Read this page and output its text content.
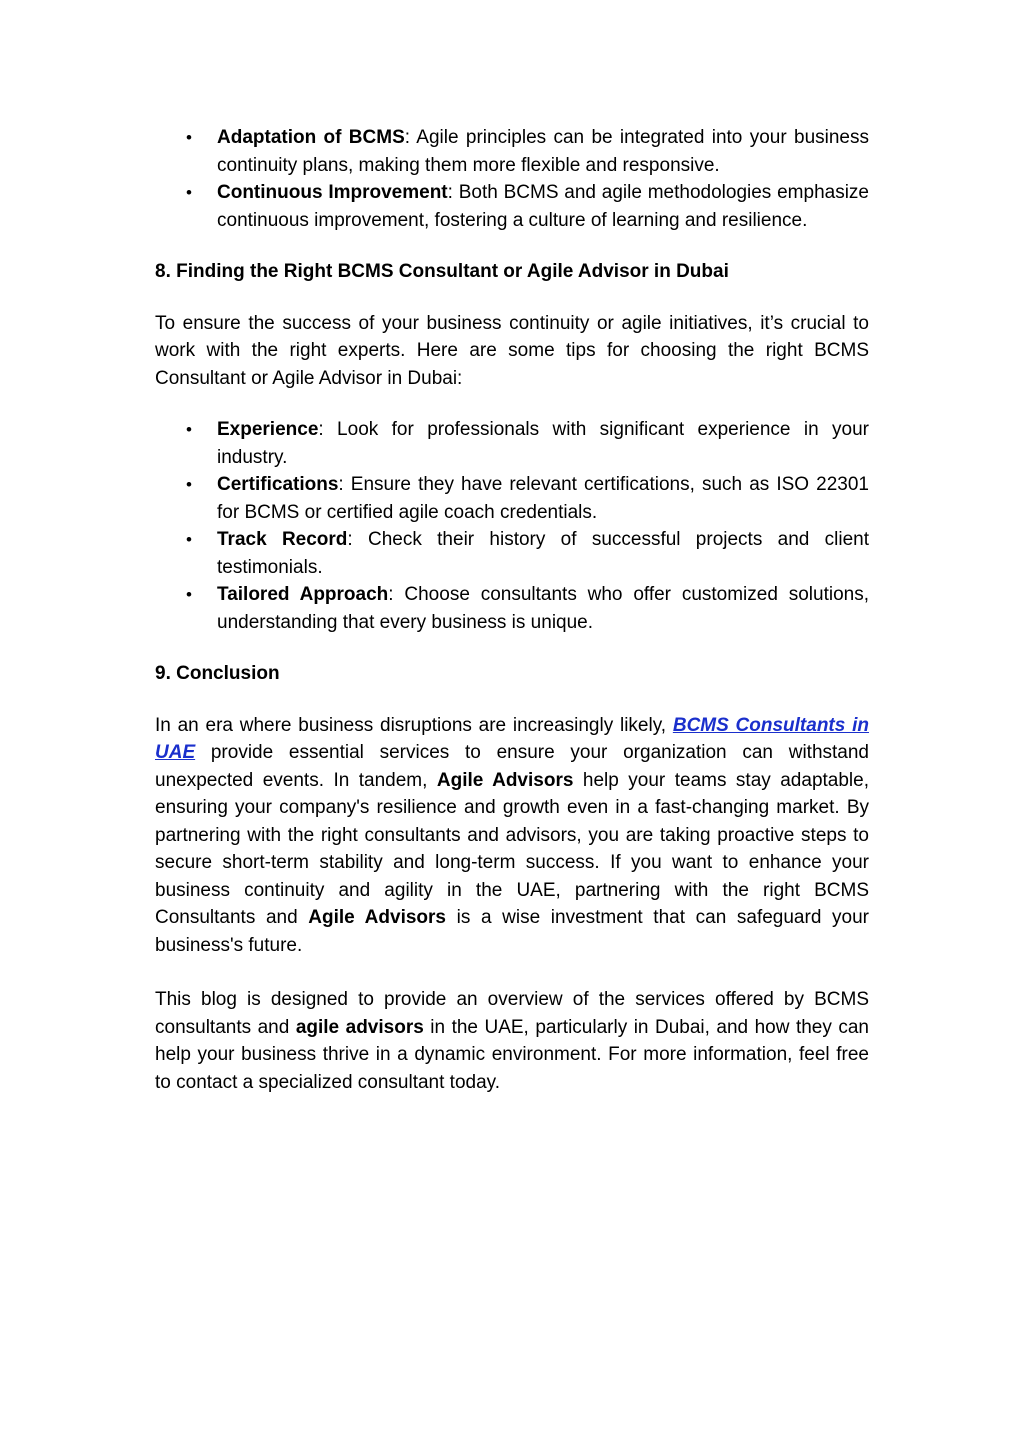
• Adaptation of BCMS: Agile principles can be integrated into your business continuity plans, making them more flexible and responsive.
• Continuous Improvement: Both BCMS and agile methodologies emphasize continuous improvement, fostering a culture of learning and resilience.

8. Finding the Right BCMS Consultant or Agile Advisor in Dubai

To ensure the success of your business continuity or agile initiatives, it’s crucial to work with the right experts. Here are some tips for choosing the right BCMS Consultant or Agile Advisor in Dubai:

• Experience: Look for professionals with significant experience in your industry.
• Certifications: Ensure they have relevant certifications, such as ISO 22301 for BCMS or certified agile coach credentials.
• Track Record: Check their history of successful projects and client testimonials.
• Tailored Approach: Choose consultants who offer customized solutions, understanding that every business is unique.

9. Conclusion

In an era where business disruptions are increasingly likely, BCMS Consultants in UAE provide essential services to ensure your organization can withstand unexpected events. In tandem, Agile Advisors help your teams stay adaptable, ensuring your company's resilience and growth even in a fast-changing market. By partnering with the right consultants and advisors, you are taking proactive steps to secure short-term stability and long-term success. If you want to enhance your business continuity and agility in the UAE, partnering with the right BCMS Consultants and Agile Advisors is a wise investment that can safeguard your business's future.

This blog is designed to provide an overview of the services offered by BCMS consultants and agile advisors in the UAE, particularly in Dubai, and how they can help your business thrive in a dynamic environment. For more information, feel free to contact a specialized consultant today.
